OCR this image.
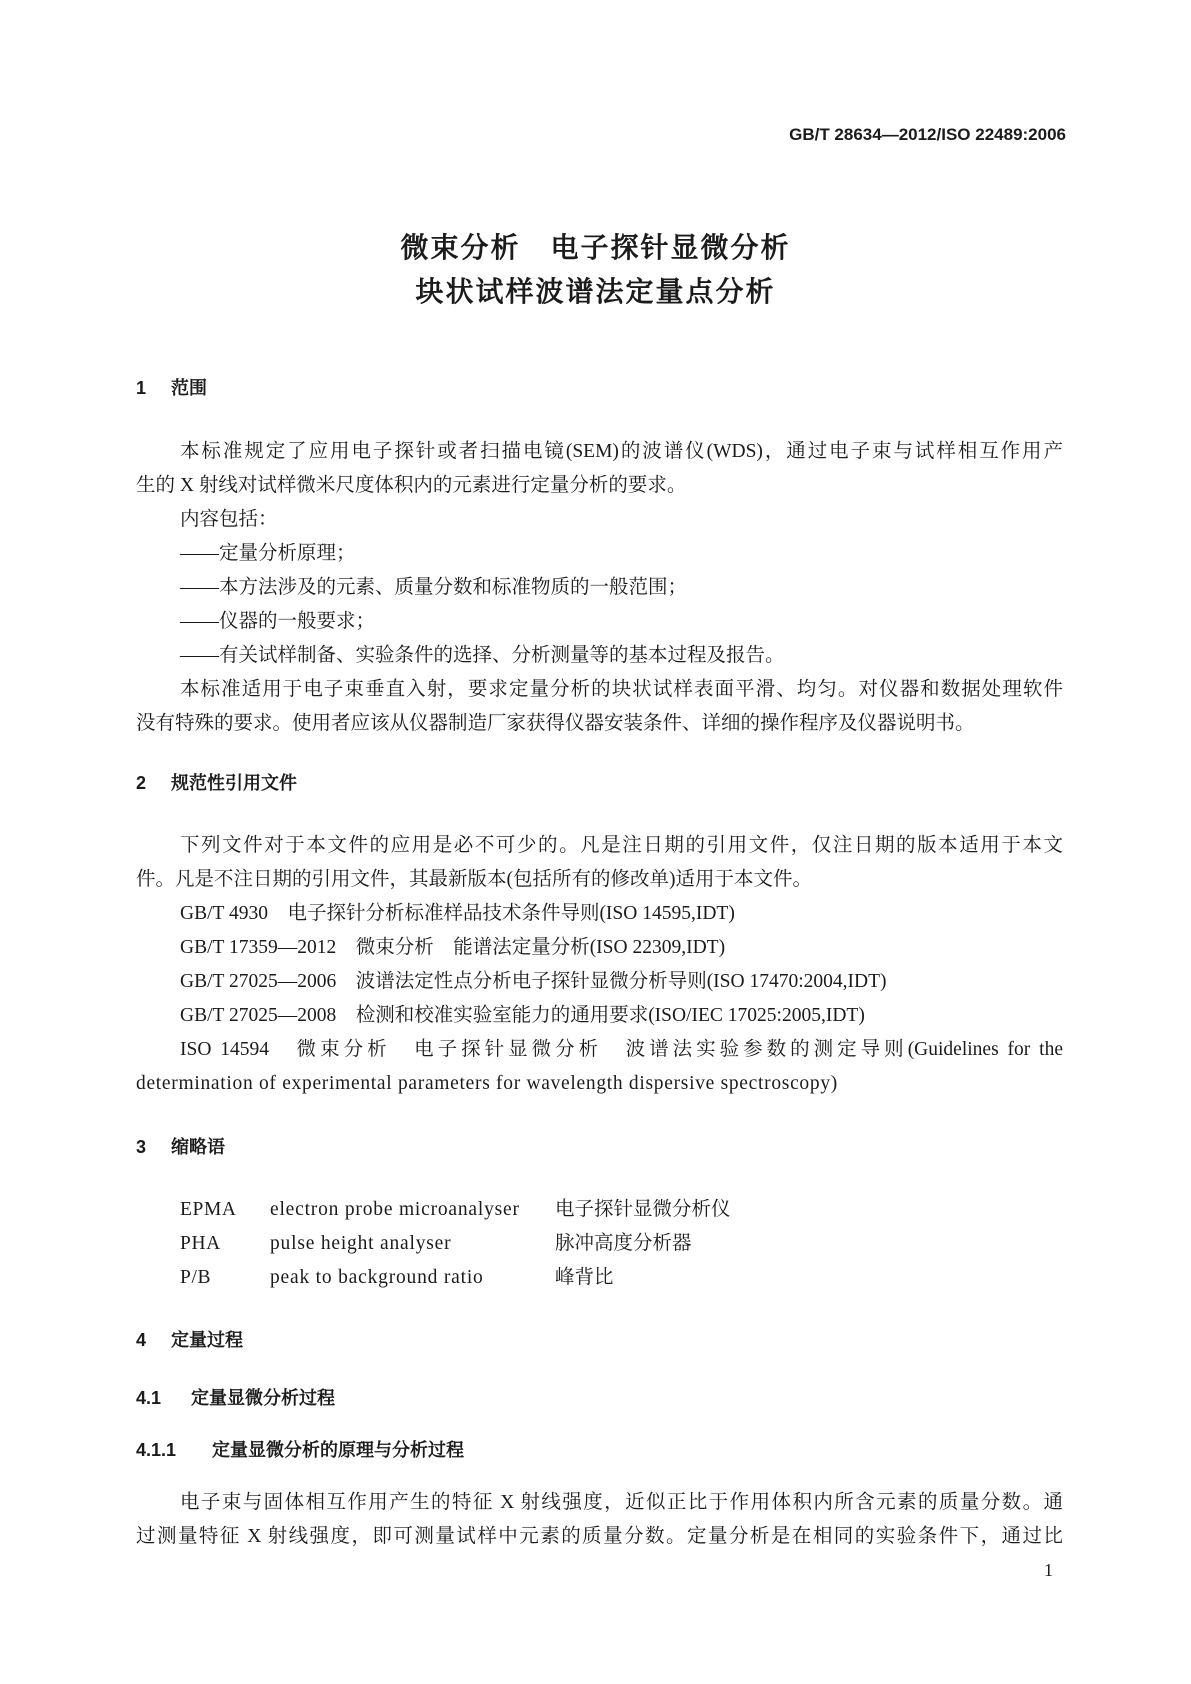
GB/T 28634—2012/ISO 22489:2006
微束分析　电子探针显微分析
块状试样波谱法定量点分析
1 范围
本标准规定了应用电子探针或者扫描电镜(SEM)的波谱仪(WDS)，通过电子束与试样相互作用产
生的 X 射线对试样微米尺度体积内的元素进行定量分析的要求。
内容包括：
——定量分析原理；
——本方法涉及的元素、质量分数和标准物质的一般范围；
——仪器的一般要求；
——有关试样制备、实验条件的选择、分析测量等的基本过程及报告。
本标准适用于电子束垂直入射，要求定量分析的块状试样表面平滑、均匀。对仪器和数据处理软件
没有特殊的要求。使用者应该从仪器制造厂家获得仪器安装条件、详细的操作程序及仪器说明书。
2 规范性引用文件
下列文件对于本文件的应用是必不可少的。凡是注日期的引用文件，仅注日期的版本适用于本文
件。凡是不注日期的引用文件，其最新版本(包括所有的修改单)适用于本文件。
GB/T 4930　电子探针分析标准样品技术条件导则(ISO 14595,IDT)
GB/T 17359—2012　微束分析　能谱法定量分析(ISO 22309,IDT)
GB/T 27025—2006　波谱法定性点分析电子探针显微分析导则(ISO 17470:2004,IDT)
GB/T 27025—2008　检测和校准实验室能力的通用要求(ISO/IEC 17025:2005,IDT)
ISO 14594　微束分析　电子探针显微分析　波谱法实验参数的测定导则(Guidelines for the
determination of experimental parameters for wavelength dispersive spectroscopy)
3 缩略语
EPMA electron probe microanalyser 电子探针显微分析仪
PHA	pulse height analyser	脉冲高度分析器
P/B	peak to background ratio	峰背比
4 定量过程
4.1 定量显微分析过程
4.1.1 定量显微分析的原理与分析过程
电子束与固体相互作用产生的特征 X 射线强度，近似正比于作用体积内所含元素的质量分数。通
过测量特征 X 射线强度，即可测量试样中元素的质量分数。定量分析是在相同的实验条件下，通过比
1
